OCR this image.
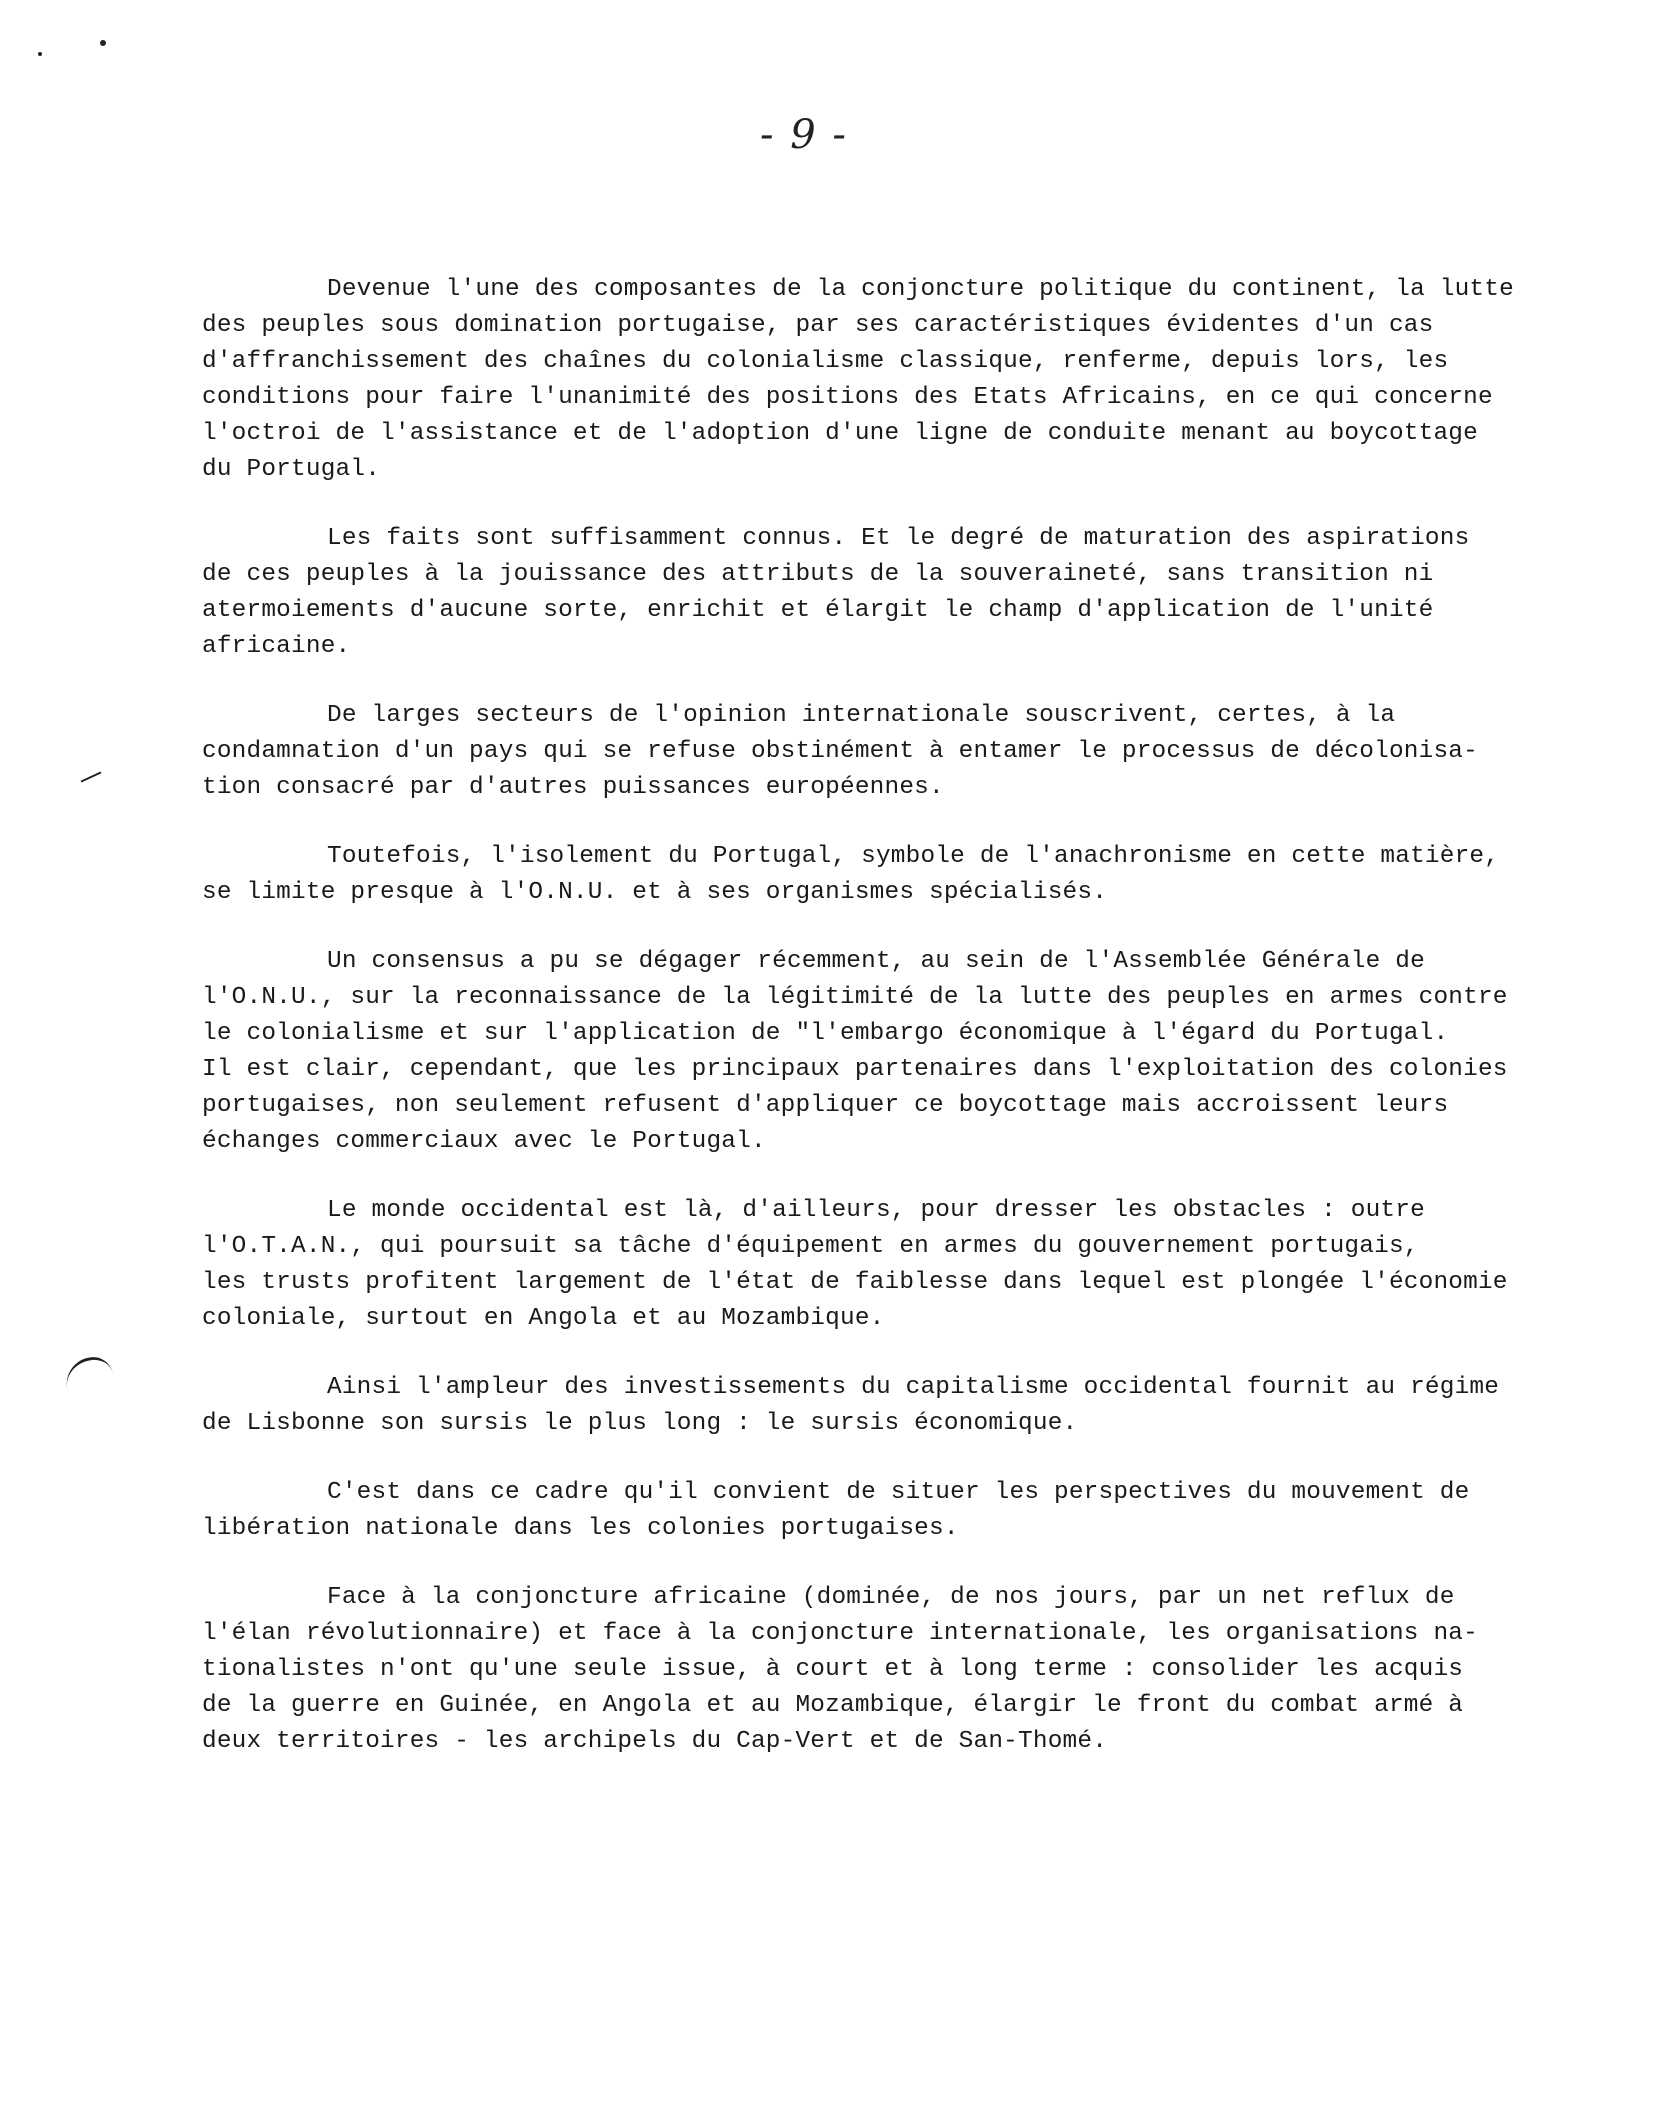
- 9 -
Devenue l'une des composantes de la conjoncture politique du continent, la lutte
des peuples sous domination portugaise, par ses caractéristiques évidentes d'un cas
d'affranchissement des chaînes du colonialisme classique, renferme, depuis lors, les
conditions pour faire l'unanimité des positions des Etats Africains, en ce qui concerne
l'octroi de l'assistance et de l'adoption d'une ligne de conduite menant au boycottage
du Portugal.
Les faits sont suffisamment connus. Et le degré de maturation des aspirations
de ces peuples à la jouissance des attributs de la souveraineté, sans transition ni
atermoiements d'aucune sorte, enrichit et élargit le champ d'application de l'unité
africaine.
De larges secteurs de l'opinion internationale souscrivent, certes, à la
condamnation d'un pays qui se refuse obstinément à entamer le processus de décolonisa-
tion consacré par d'autres puissances européennes.
Toutefois, l'isolement du Portugal, symbole de l'anachronisme en cette matière,
se limite presque à l'O.N.U. et à ses organismes spécialisés.
Un consensus a pu se dégager récemment, au sein de l'Assemblée Générale de
l'O.N.U., sur la reconnaissance de la légitimité de la lutte des peuples en armes contre
le colonialisme et sur l'application de "l'embargo économique à l'égard du Portugal.
Il est clair, cependant, que les principaux partenaires dans l'exploitation des colonies
portugaises, non seulement refusent d'appliquer ce boycottage mais accroissent leurs
échanges commerciaux avec le Portugal.
Le monde occidental est là, d'ailleurs, pour dresser les obstacles : outre
l'O.T.A.N., qui poursuit sa tâche d'équipement en armes du gouvernement portugais,
les trusts profitent largement de l'état de faiblesse dans lequel est plongée l'économie
coloniale, surtout en Angola et au Mozambique.
Ainsi l'ampleur des investissements du capitalisme occidental fournit au régime
de Lisbonne son sursis le plus long : le sursis économique.
C'est dans ce cadre qu'il convient de situer les perspectives du mouvement de
libération nationale dans les colonies portugaises.
Face à la conjoncture africaine (dominée, de nos jours, par un net reflux de
l'élan révolutionnaire) et face à la conjoncture internationale, les organisations na-
tionalistes n'ont qu'une seule issue, à court et à long terme : consolider les acquis
de la guerre en Guinée, en Angola et au Mozambique, élargir le front du combat armé à
deux territoires - les archipels du Cap-Vert et de San-Thomé.
